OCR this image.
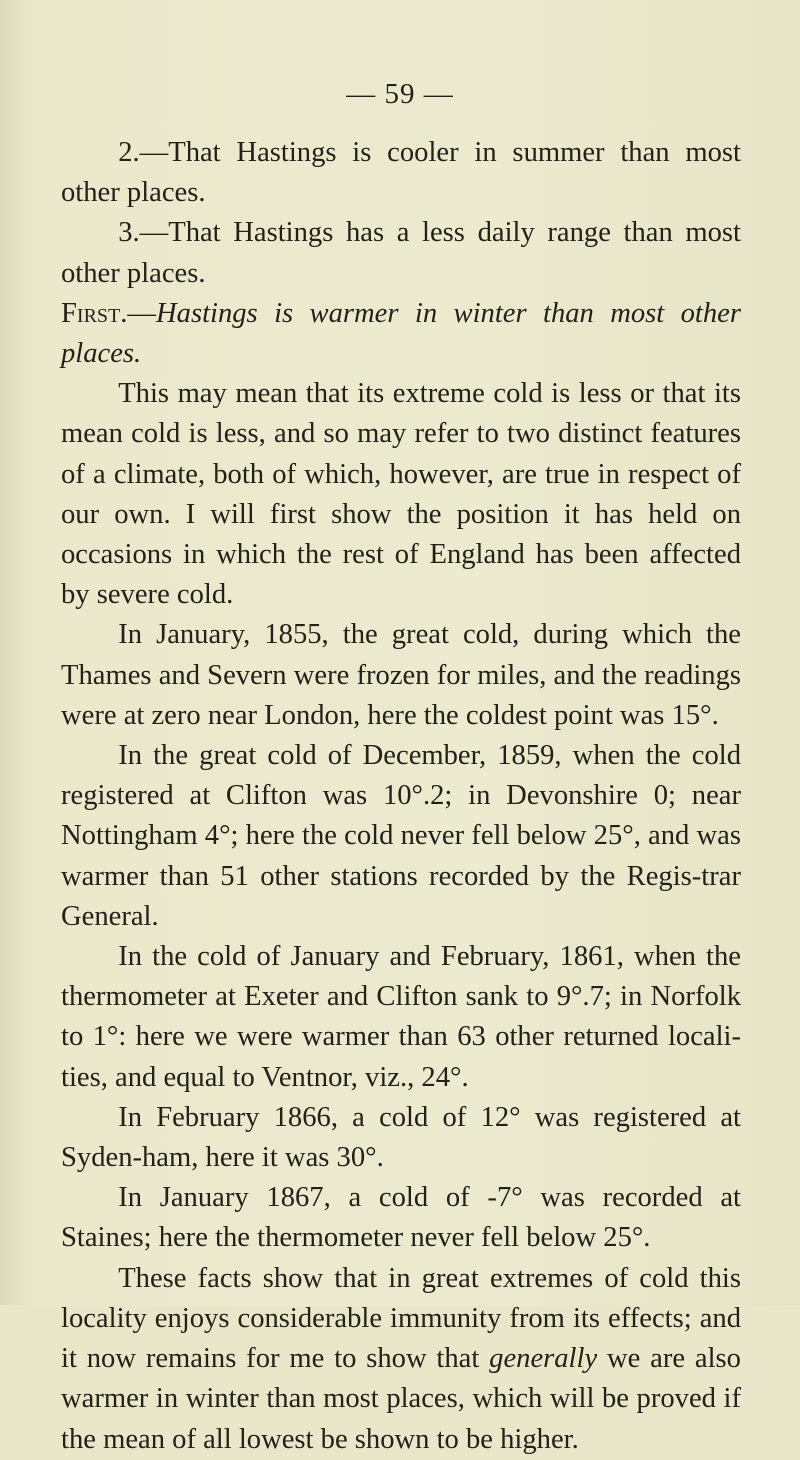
— 59 —

2.—That Hastings is cooler in summer than most other places.

3.—That Hastings has a less daily range than most other places.

First.—Hastings is warmer in winter than most other places.

This may mean that its extreme cold is less or that its mean cold is less, and so may refer to two distinct features of a climate, both of which, however, are true in respect of our own. I will first show the position it has held on occasions in which the rest of England has been affected by severe cold.

In January, 1855, the great cold, during which the Thames and Severn were frozen for miles, and the readings were at zero near London, here the coldest point was 15°.

In the great cold of December, 1859, when the cold registered at Clifton was 10°.2; in Devonshire 0; near Nottingham 4°; here the cold never fell below 25°, and was warmer than 51 other stations recorded by the Regis-trar General.

In the cold of January and February, 1861, when the thermometer at Exeter and Clifton sank to 9°.7; in Norfolk to 1°: here we were warmer than 63 other returned locali-ties, and equal to Ventnor, viz., 24°.

In February 1866, a cold of 12° was registered at Syden-ham, here it was 30°.

In January 1867, a cold of -7° was recorded at Staines; here the thermometer never fell below 25°.

These facts show that in great extremes of cold this locality enjoys considerable immunity from its effects; and it now remains for me to show that generally we are also warmer in winter than most places, which will be proved if the mean of all lowest be shown to be higher.
